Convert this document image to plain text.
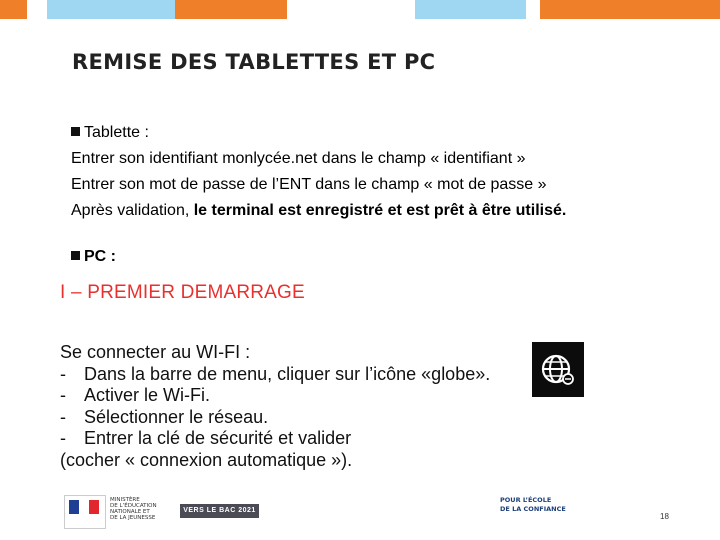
REMISE DES TABLETTES ET PC
Tablette :
Entrer son identifiant monlycée.net dans le champ « identifiant »
Entrer son mot de passe de l’ENT dans le champ « mot de passe »
Après validation, le terminal est enregistré et est prêt à être utilisé.
PC :
I – PREMIER DEMARRAGE
Se connecter au WI-FI :
- Dans la barre de menu, cliquer sur l’icône «globe».
- Activer le Wi-Fi.
- Sélectionner le réseau.
- Entrer la clé de sécurité et valider
(cocher « connexion automatique »).
MINISTÈRE
DE L’ÉDUCATION
NATIONALE ET
DE LA JEUNESSE
VERS LE BAC 2021
POUR L’ÉCOLE
DE LA CONFIANCE
18
